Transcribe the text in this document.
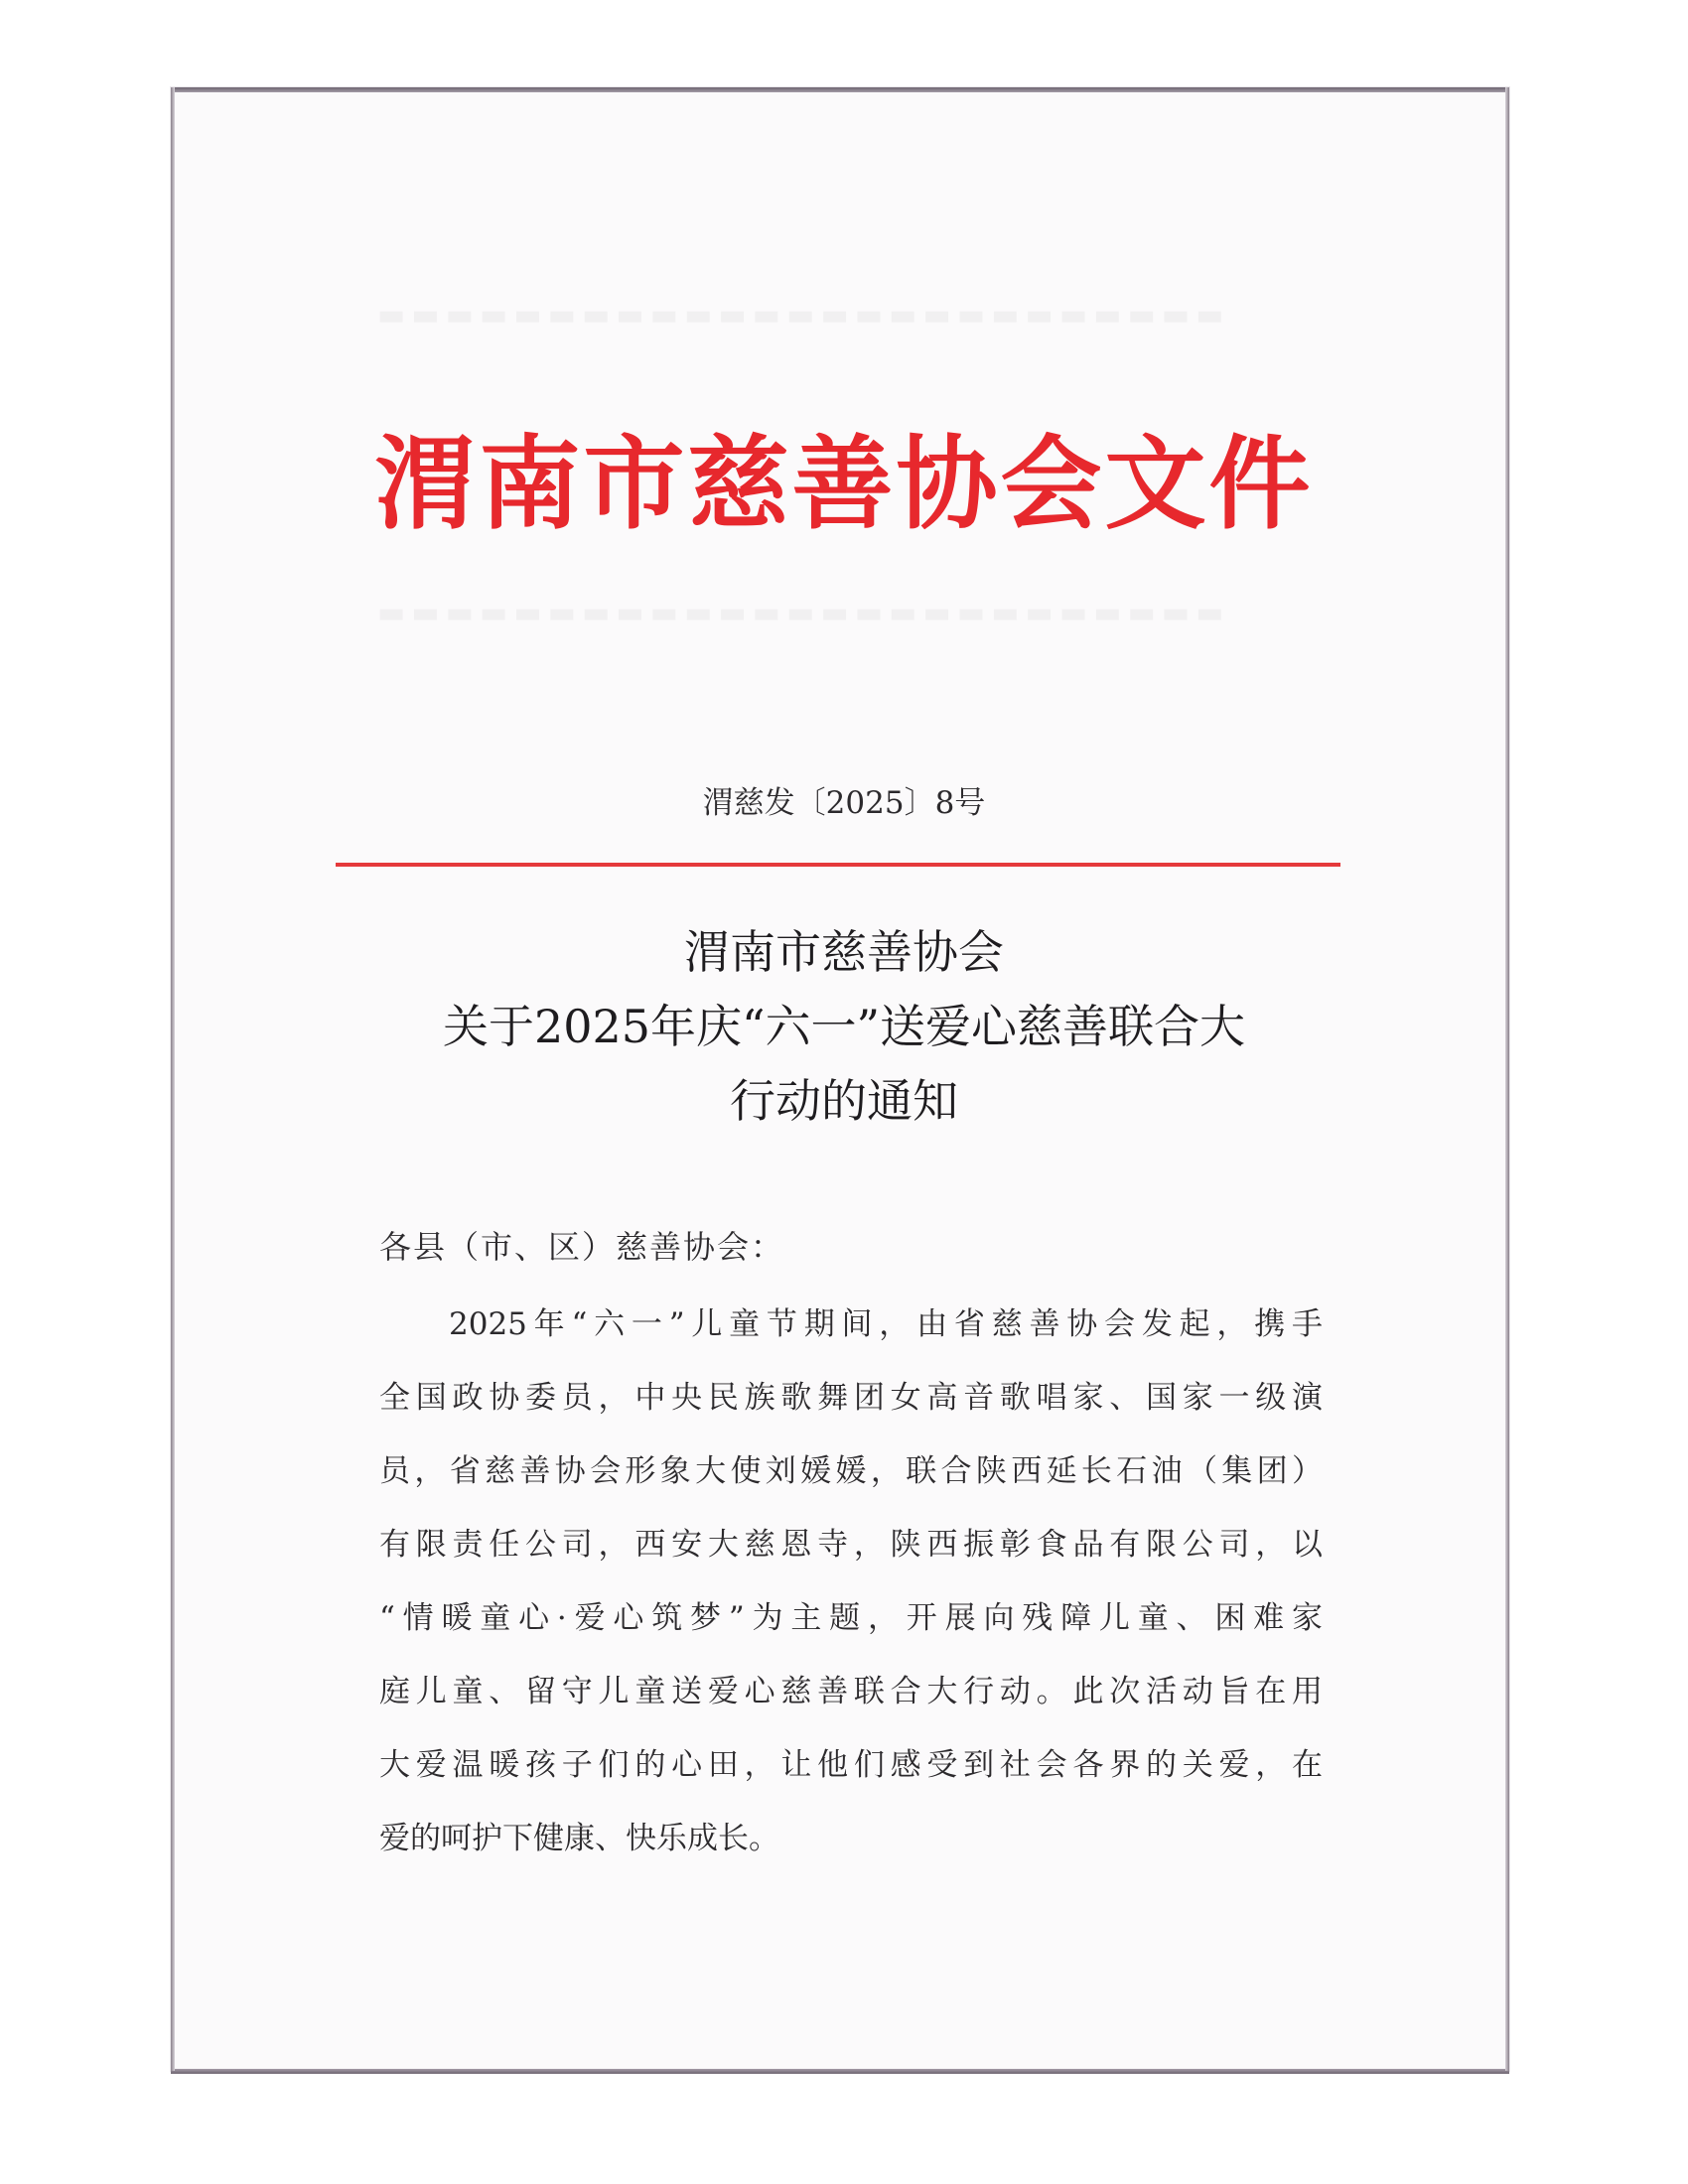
▬▬▬▬▬▬▬▬▬▬▬▬▬▬▬▬▬▬▬▬▬▬▬▬▬
▬▬▬▬▬▬▬▬▬▬▬▬▬▬▬▬▬▬▬▬▬▬▬▬▬
渭南市慈善协会文件
渭慈发〔2025〕8号
渭南市慈善协会
关于2025年庆“六一”送爱心慈善联合大
行动的通知
各县（市、区）慈善协会：
2025年“六一”儿童节期间，由省慈善协会发起，携手
全国政协委员，中央民族歌舞团女高音歌唱家、国家一级演
员，省慈善协会形象大使刘媛媛，联合陕西延长石油（集团）
有限责任公司，西安大慈恩寺，陕西振彰食品有限公司，以
“情暖童心·爱心筑梦”为主题，开展向残障儿童、困难家
庭儿童、留守儿童送爱心慈善联合大行动。此次活动旨在用
大爱温暖孩子们的心田，让他们感受到社会各界的关爱，在
爱的呵护下健康、快乐成长。
